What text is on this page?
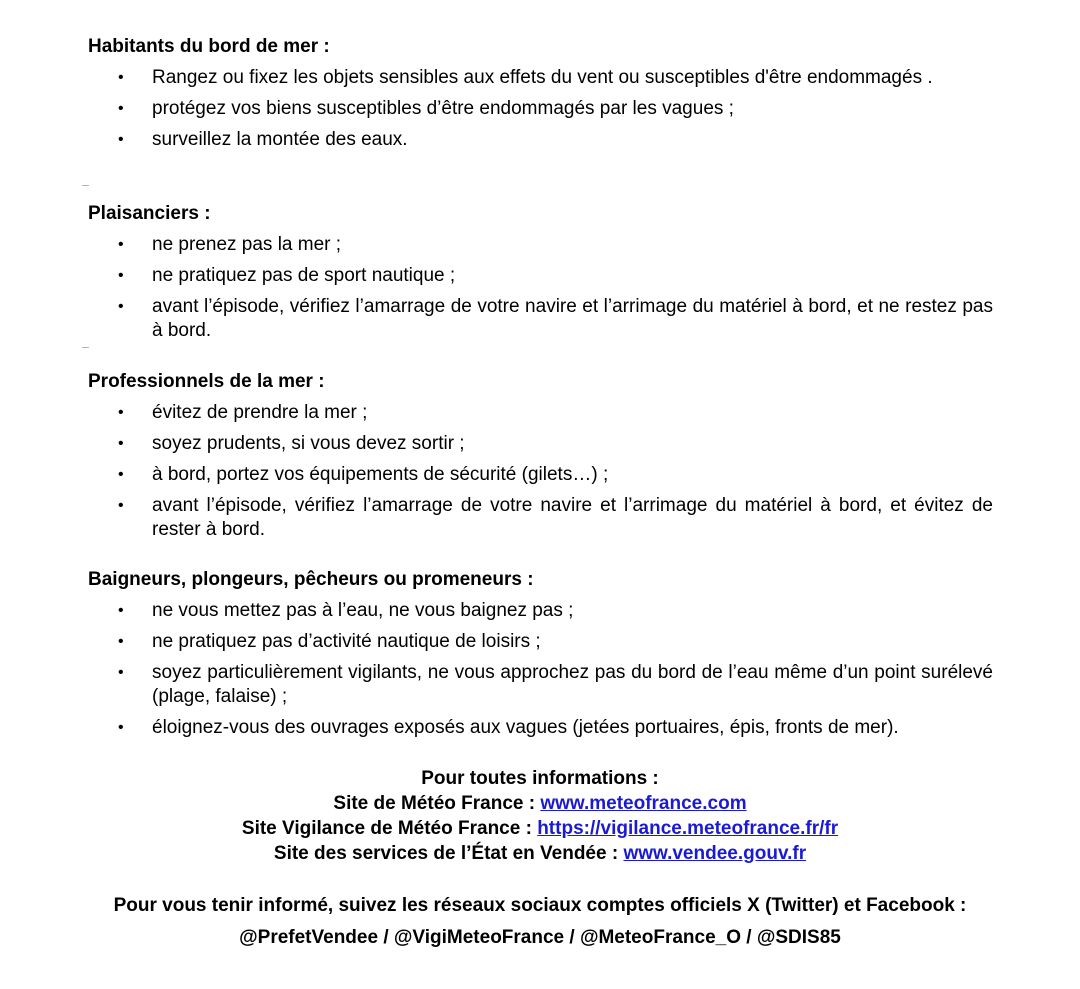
Habitants du bord de mer :
• Rangez ou fixez les objets sensibles aux effets du vent ou susceptibles d'être endommagés .
• protégez vos biens susceptibles d’être endommagés par les vagues ;
• surveillez la montée des eaux.
Plaisanciers :
• ne prenez pas la mer ;
• ne pratiquez pas de sport nautique ;
• avant l’épisode, vérifiez l’amarrage de votre navire et l’arrimage du matériel à bord, et ne restez pas à bord.
Professionnels de la mer :
• évitez de prendre la mer ;
• soyez prudents, si vous devez sortir ;
• à bord, portez vos équipements de sécurité (gilets…) ;
• avant l’épisode, vérifiez l’amarrage de votre navire et l’arrimage du matériel à bord, et évitez de rester à bord.
Baigneurs, plongeurs, pêcheurs ou promeneurs :
• ne vous mettez pas à l’eau, ne vous baignez pas ;
• ne pratiquez pas d’activité nautique de loisirs ;
• soyez particulièrement vigilants, ne vous approchez pas du bord de l’eau même d’un point surélevé (plage, falaise) ;
• éloignez-vous des ouvrages exposés aux vagues (jetées portuaires, épis, fronts de mer).
Pour toutes informations :
Site de Météo France : www.meteofrance.com
Site Vigilance de Météo France : https://vigilance.meteofrance.fr/fr
Site des services de l’État en Vendée : www.vendee.gouv.fr
Pour vous tenir informé, suivez les réseaux sociaux comptes officiels X (Twitter) et Facebook :
@PrefetVendee / @VigiMeteoFrance / @MeteoFrance_O / @SDIS85
